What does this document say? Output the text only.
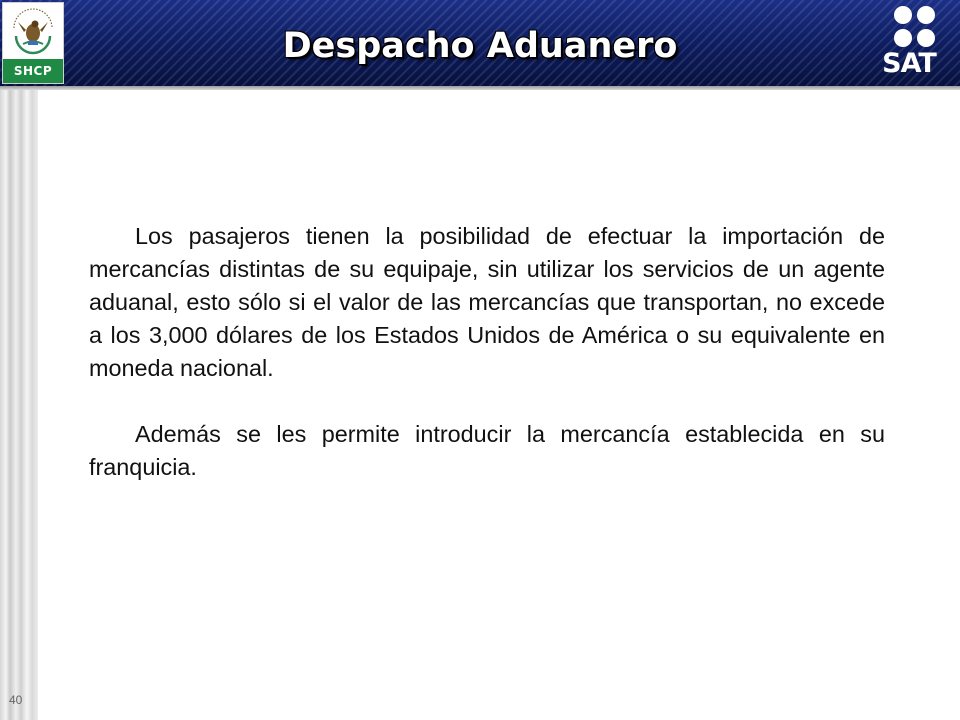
SHCP
Despacho Aduanero	SAT

Los pasajeros tienen la posibilidad de efectuar la importación de mercancías distintas de su equipaje, sin utilizar los servicios de un agente aduanal, esto sólo si el valor de las mercancías que transportan, no excede a los 3,000 dólares de los Estados Unidos de América o su equivalente en moneda nacional.

Además se les permite introducir la mercancía establecida en su franquicia.

40
